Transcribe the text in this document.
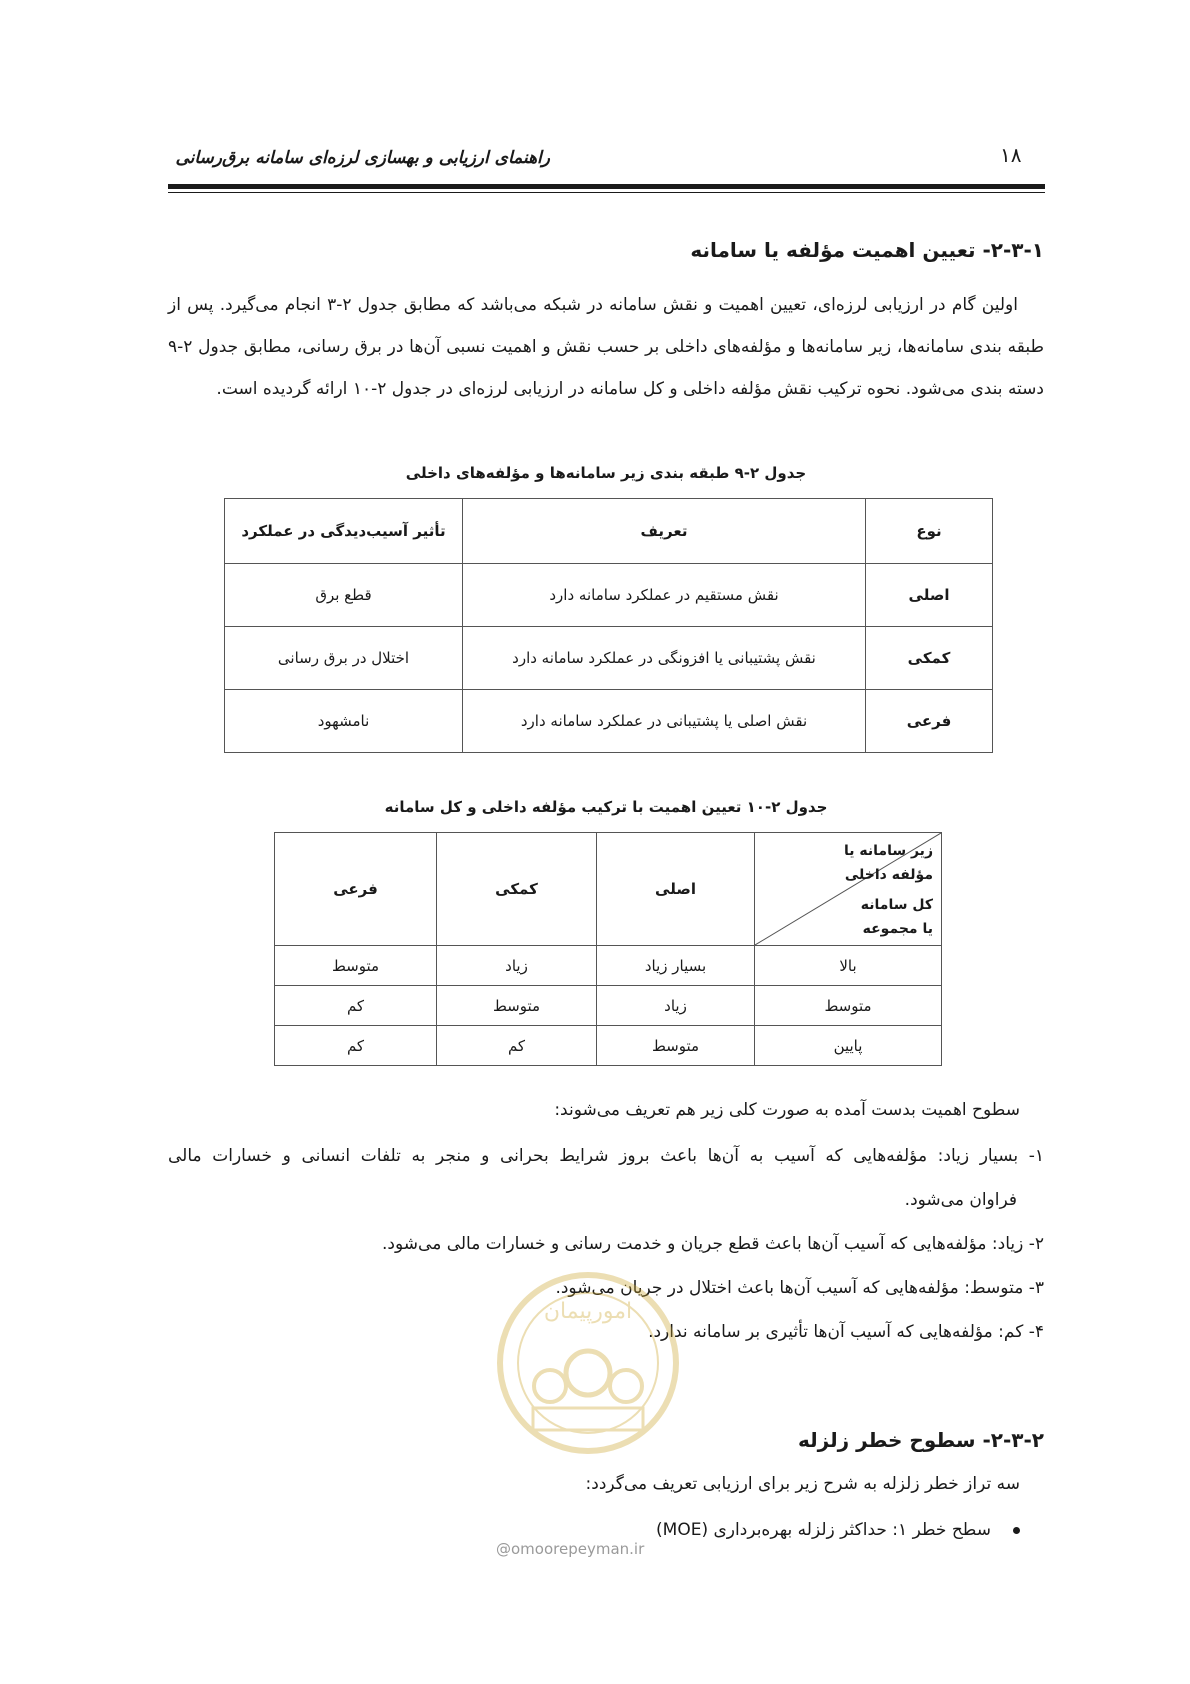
۱۸
راهنمای ارزیابی و بهسازی لرزه‌ای سامانه برق‌رسانی
۲-۳-۱- تعیین اهمیت مؤلفه یا سامانه
اولین گام در ارزیابی لرزه‌ای، تعیین اهمیت و نقش سامانه در شبکه می‌باشد که مطابق جدول ۲-۳ انجام می‌گیرد. پس از طبقه بندی سامانه‌ها، زیر سامانه‌ها و مؤلفه‌های داخلی بر حسب نقش و اهمیت نسبی آن‌ها در برق رسانی، مطابق جدول ۲-۹ دسته بندی می‌شود. نحوه ترکیب نقش مؤلفه داخلی و کل سامانه در ارزیابی لرزه‌ای در جدول ۲-۱۰ ارائه گردیده است.
جدول ۲-۹ طبقه بندی زیر سامانه‌ها و مؤلفه‌های داخلی
نوع	تعریف	تأثیر آسیب‌دیدگی در عملکرد
اصلی	نقش مستقیم در عملکرد سامانه دارد	قطع برق
کمکی	نقش پشتیبانی یا افزونگی در عملکرد سامانه دارد	اختلال در برق رسانی
فرعی	نقش اصلی یا پشتیبانی در عملکرد سامانه دارد	نامشهود
جدول ۲-۱۰ تعیین اهمیت با ترکیب مؤلفه داخلی و کل سامانه
زیر سامانه یا
مؤلفه داخلی
کل سامانه
یا مجموعه	اصلی	کمکی	فرعی
بالا	بسیار زیاد	زیاد	متوسط
متوسط	زیاد	متوسط	کم
پایین	متوسط	کم	کم
سطوح اهمیت بدست آمده به صورت کلی زیر هم تعریف می‌شوند:
۱- بسیار زیاد: مؤلفه‌هایی که آسیب به آن‌ها باعث بروز شرایط بحرانی و منجر به تلفات انسانی و خسارات مالی
فراوان می‌شود.
۲- زیاد: مؤلفه‌هایی که آسیب آن‌ها باعث قطع جریان و خدمت رسانی و خسارات مالی می‌شود.
۳- متوسط: مؤلفه‌هایی که آسیب آن‌ها باعث اختلال در جریان می‌شود.
۴- کم: مؤلفه‌هایی که آسیب آن‌ها تأثیری بر سامانه ندارد.
امورپیمان
۲-۳-۲- سطوح خطر زلزله
سه تراز خطر زلزله به شرح زیر برای ارزیابی تعریف می‌گردد:
سطح خطر ۱: حداکثر زلزله بهره‌برداری (MOE)
@omoorepeyman.ir
